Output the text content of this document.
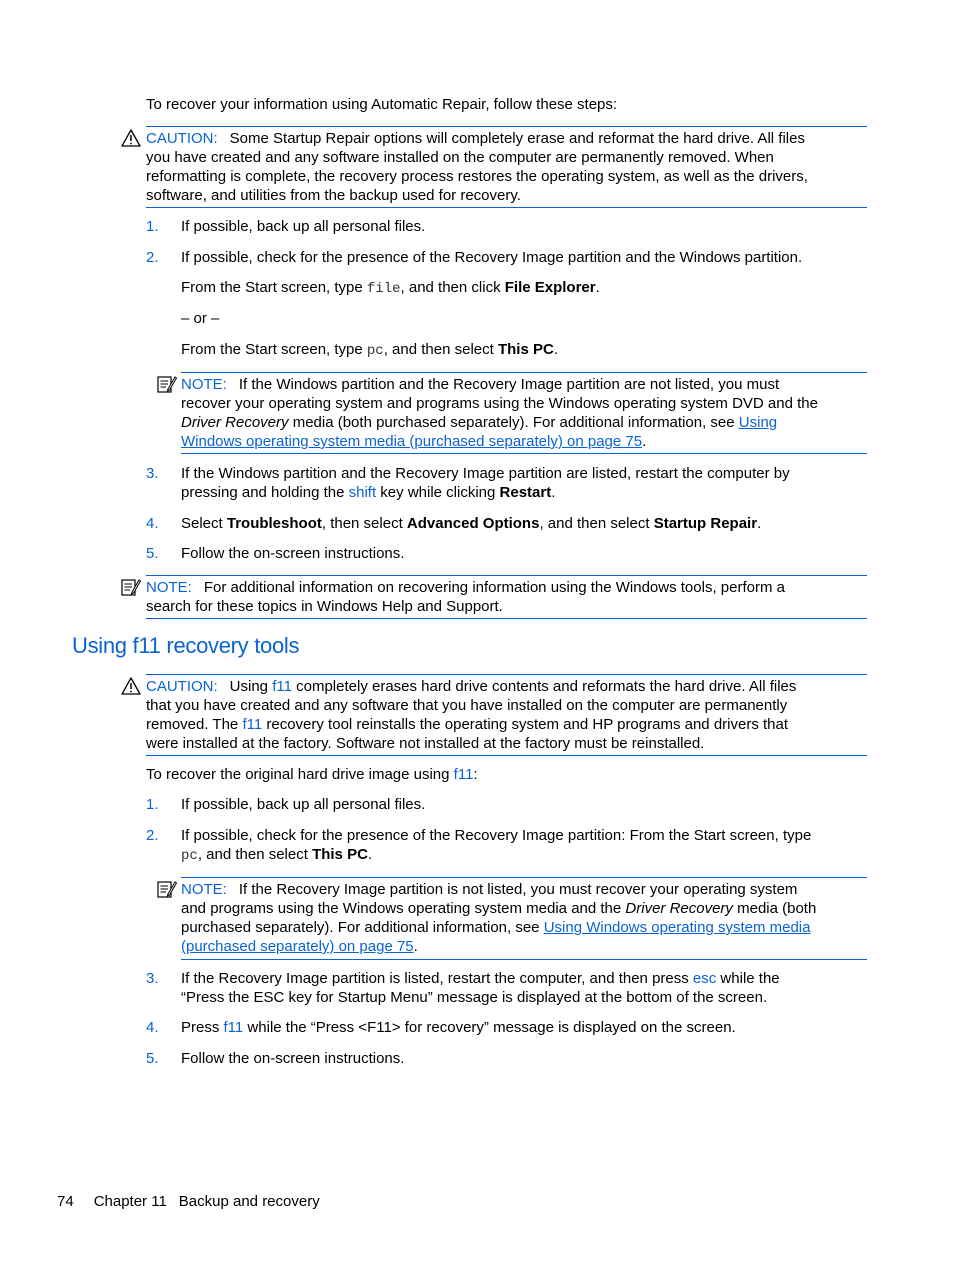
To recover your information using Automatic Repair, follow these steps:
CAUTION: Some Startup Repair options will completely erase and reformat the hard drive. All files
you have created and any software installed on the computer are permanently removed. When
reformatting is complete, the recovery process restores the operating system, as well as the drivers,
software, and utilities from the backup used for recovery.
1. If possible, back up all personal files.
2. If possible, check for the presence of the Recovery Image partition and the Windows partition.
From the Start screen, type file, and then click File Explorer.
– or –
From the Start screen, type pc, and then select This PC.
NOTE: If the Windows partition and the Recovery Image partition are not listed, you must
recover your operating system and programs using the Windows operating system DVD and the
Driver Recovery media (both purchased separately). For additional information, see Using
Windows operating system media (purchased separately) on page 75.
3. If the Windows partition and the Recovery Image partition are listed, restart the computer by
pressing and holding the shift key while clicking Restart.
4. Select Troubleshoot, then select Advanced Options, and then select Startup Repair.
5. Follow the on-screen instructions.
NOTE: For additional information on recovering information using the Windows tools, perform a
search for these topics in Windows Help and Support.
Using f11 recovery tools
CAUTION: Using f11 completely erases hard drive contents and reformats the hard drive. All files
that you have created and any software that you have installed on the computer are permanently
removed. The f11 recovery tool reinstalls the operating system and HP programs and drivers that
were installed at the factory. Software not installed at the factory must be reinstalled.
To recover the original hard drive image using f11:
1. If possible, back up all personal files.
2. If possible, check for the presence of the Recovery Image partition: From the Start screen, type
pc, and then select This PC.
NOTE: If the Recovery Image partition is not listed, you must recover your operating system
and programs using the Windows operating system media and the Driver Recovery media (both
purchased separately). For additional information, see Using Windows operating system media
(purchased separately) on page 75.
3. If the Recovery Image partition is listed, restart the computer, and then press esc while the
“Press the ESC key for Startup Menu” message is displayed at the bottom of the screen.
4. Press f11 while the “Press <F11> for recovery” message is displayed on the screen.
5. Follow the on-screen instructions.
74 Chapter 11 Backup and recovery
